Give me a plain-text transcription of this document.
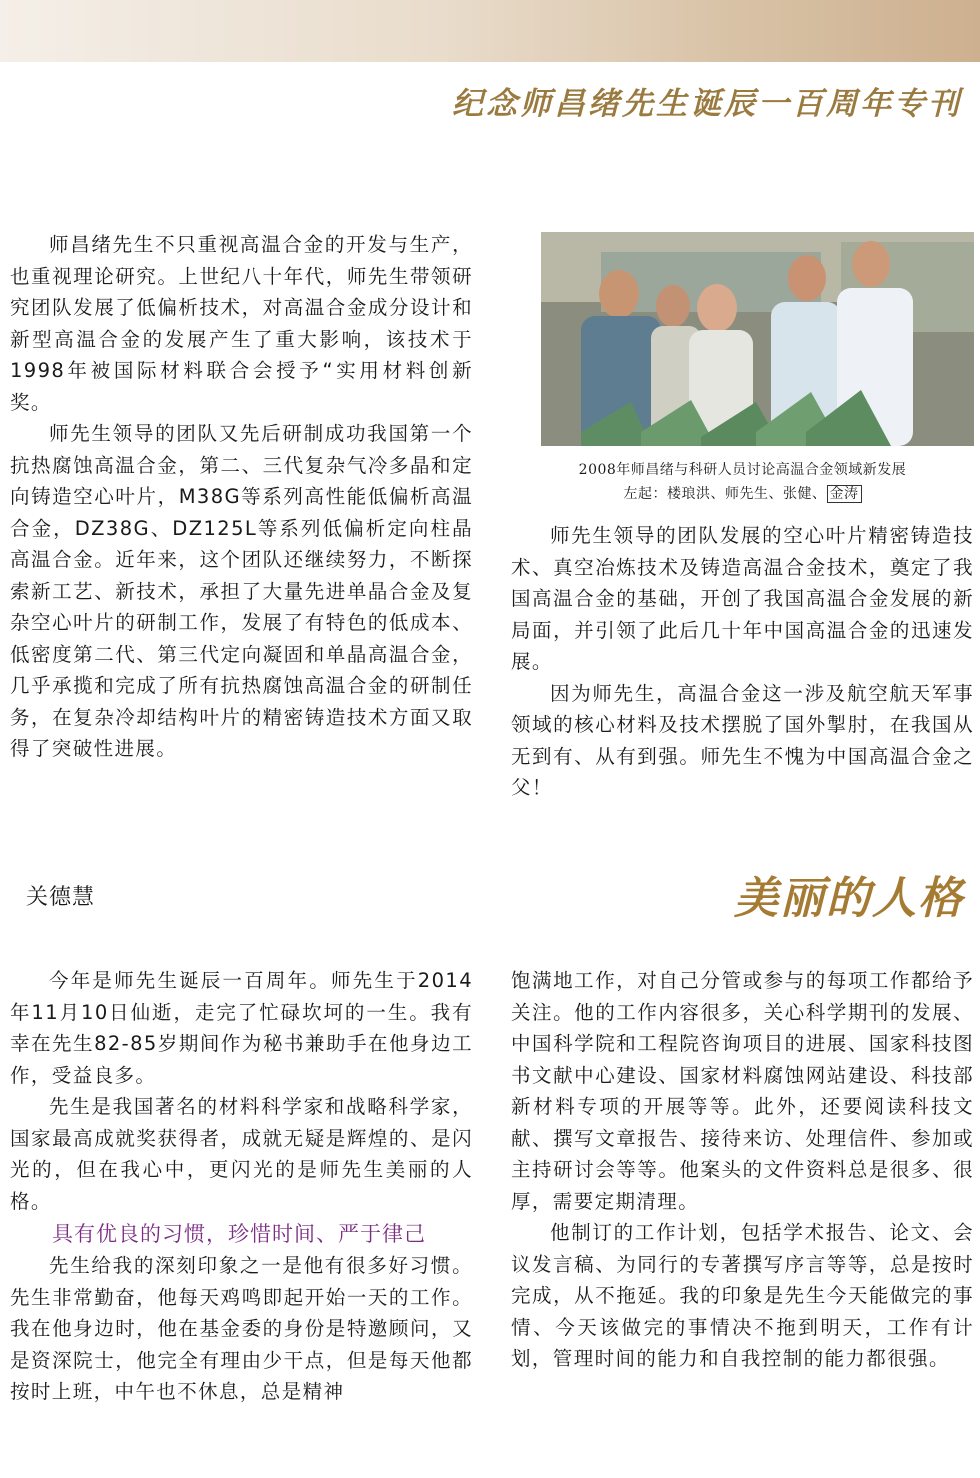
纪念师昌绪先生诞辰一百周年专刊

师昌绪先生不只重视高温合金的开发与生产，也重视理论研究。上世纪八十年代，师先生带领研究团队发展了低偏析技术，对高温合金成分设计和新型高温合金的发展产生了重大影响，该技术于1998年被国际材料联合会授予“实用材料创新奖。

师先生领导的团队又先后研制成功我国第一个抗热腐蚀高温合金，第二、三代复杂气冷多晶和定向铸造空心叶片，M38G等系列高性能低偏析高温合金，DZ38G、DZ125L等系列低偏析定向柱晶高温合金。近年来，这个团队还继续努力，不断探索新工艺、新技术，承担了大量先进单晶合金及复杂空心叶片的研制工作，发展了有特色的低成本、低密度第二代、第三代定向凝固和单晶高温合金，几乎承揽和完成了所有抗热腐蚀高温合金的研制任务，在复杂冷却结构叶片的精密铸造技术方面又取得了突破性进展。

2008年师昌绪与科研人员讨论高温合金领域新发展
左起：楼琅洪、师先生、张健、 金涛

师先生领导的团队发展的空心叶片精密铸造技术、真空冶炼技术及铸造高温合金技术，奠定了我国高温合金的基础，开创了我国高温合金发展的新局面，并引领了此后几十年中国高温合金的迅速发展。

因为师先生，高温合金这一涉及航空航天军事领域的核心材料及技术摆脱了国外掣肘，在我国从无到有、从有到强。师先生不愧为中国高温合金之父！

关德慧	美丽的人格

今年是师先生诞辰一百周年。师先生于2014年11月10日仙逝，走完了忙碌坎坷的一生。我有幸在先生82-85岁期间作为秘书兼助手在他身边工作，受益良多。

先生是我国著名的材料科学家和战略科学家，国家最高成就奖获得者，成就无疑是辉煌的、是闪光的，但在我心中，更闪光的是师先生美丽的人格。

具有优良的习惯，珍惜时间、严于律己

先生给我的深刻印象之一是他有很多好习惯。先生非常勤奋，他每天鸡鸣即起开始一天的工作。我在他身边时，他在基金委的身份是特邀顾问，又是资深院士，他完全有理由少干点，但是每天他都按时上班，中午也不休息，总是精神

饱满地工作，对自己分管或参与的每项工作都给予关注。他的工作内容很多，关心科学期刊的发展、中国科学院和工程院咨询项目的进展、国家科技图书文献中心建设、国家材料腐蚀网站建设、科技部新材料专项的开展等等。此外，还要阅读科技文献、撰写文章报告、接待来访、处理信件、参加或主持研讨会等等。他案头的文件资料总是很多、很厚，需要定期清理。

他制订的工作计划，包括学术报告、论文、会议发言稿、为同行的专著撰写序言等等，总是按时完成，从不拖延。我的印象是先生今天能做完的事情、今天该做完的事情决不拖到明天，工作有计划，管理时间的能力和自我控制的能力都很强。
